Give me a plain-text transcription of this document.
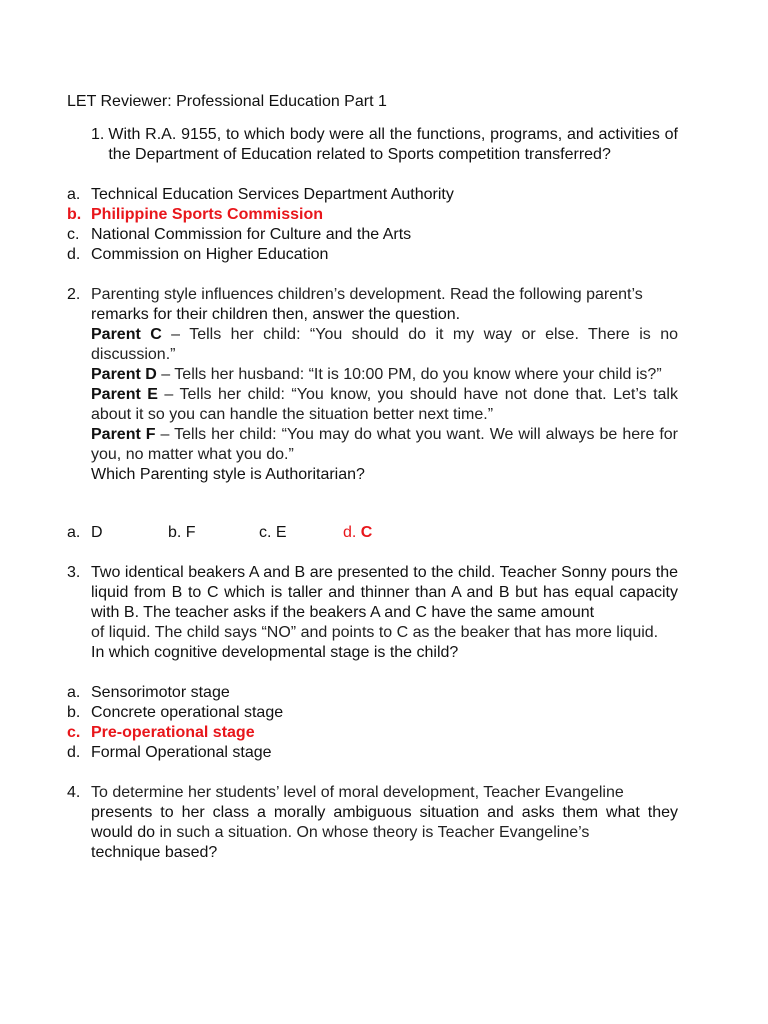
LET Reviewer: Professional Education Part 1

1. With R.A. 9155, to which body were all the functions, programs, and activities of the Department of Education related to Sports competition transferred?
a. Technical Education Services Department Authority
b. Philippine Sports Commission
c. National Commission for Culture and the Arts
d. Commission on Higher Education
2. Parenting style influences children’s development. Read the following parent’s

remarks for their children then, answer the question.

Parent C – Tells her child: “You should do it my way or else. There is no discussion.”

Parent D – Tells her husband: “It is 10:00 PM, do you know where your child is?”

Parent E – Tells her child: “You know, you should have not done that. Let’s talk about it so you can handle the situation better next time.”

Parent F – Tells her child: “You may do what you want. We will always be here for you, no matter what you do.”

Which Parenting style is Authoritarian?

a. D	b.
F	c.
E	d.
C
3. Two identical beakers A and B are presented to the child. Teacher Sonny pours the liquid from B to C which is taller and thinner than A and B but has equal capacity with B. The teacher asks if the beakers A and C have the same amount

of liquid. The child says “NO” and points to C as the beaker that has more liquid.

In which cognitive developmental stage is the child?

a. Sensorimotor stage
b. Concrete operational stage
c. Pre-operational stage
d. Formal Operational stage
4. To determine her students’ level of moral development, Teacher Evangeline

presents to her class a morally ambiguous situation and asks them what they would do in such a situation. On whose theory is Teacher Evangeline’s

technique based?
